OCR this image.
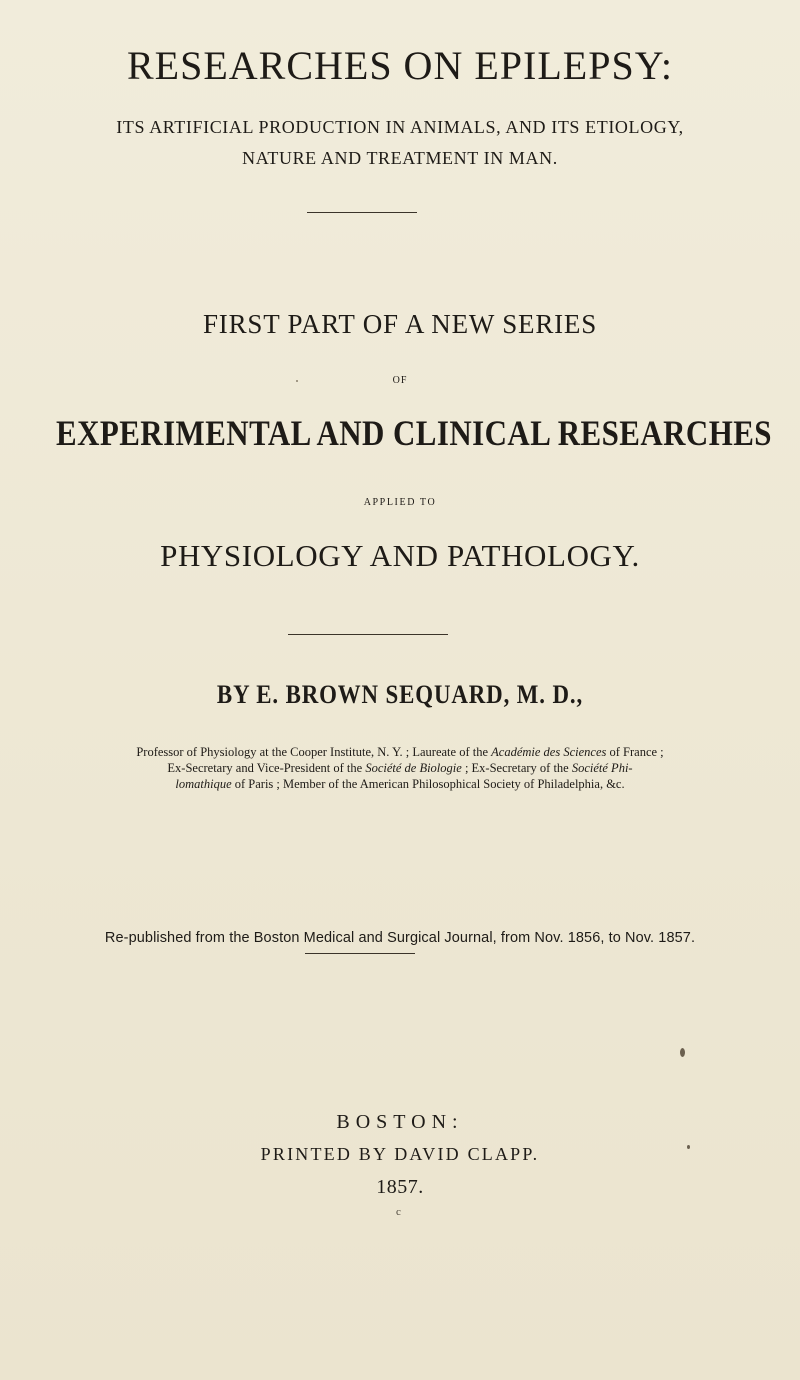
RESEARCHES ON EPILEPSY:
ITS ARTIFICIAL PRODUCTION IN ANIMALS, AND ITS ETIOLOGY,
NATURE AND TREATMENT IN MAN.
FIRST PART OF A NEW SERIES
OF
EXPERIMENTAL AND CLINICAL RESEARCHES
APPLIED TO
PHYSIOLOGY AND PATHOLOGY.
BY E. BROWN SEQUARD, M. D.,
Professor of Physiology at the Cooper Institute, N. Y. ; Laureate of the Académie des Sciences of France ;
Ex-Secretary and Vice-President of the Société de Biologie ; Ex-Secretary of the Société Phi-
lomathique of Paris ; Member of the American Philosophical Society of Philadelphia, &c.
Re-published from the Boston Medical and Surgical Journal, from Nov. 1856, to Nov. 1857.
BOSTON:
PRINTED BY DAVID CLAPP.
1857.
c
